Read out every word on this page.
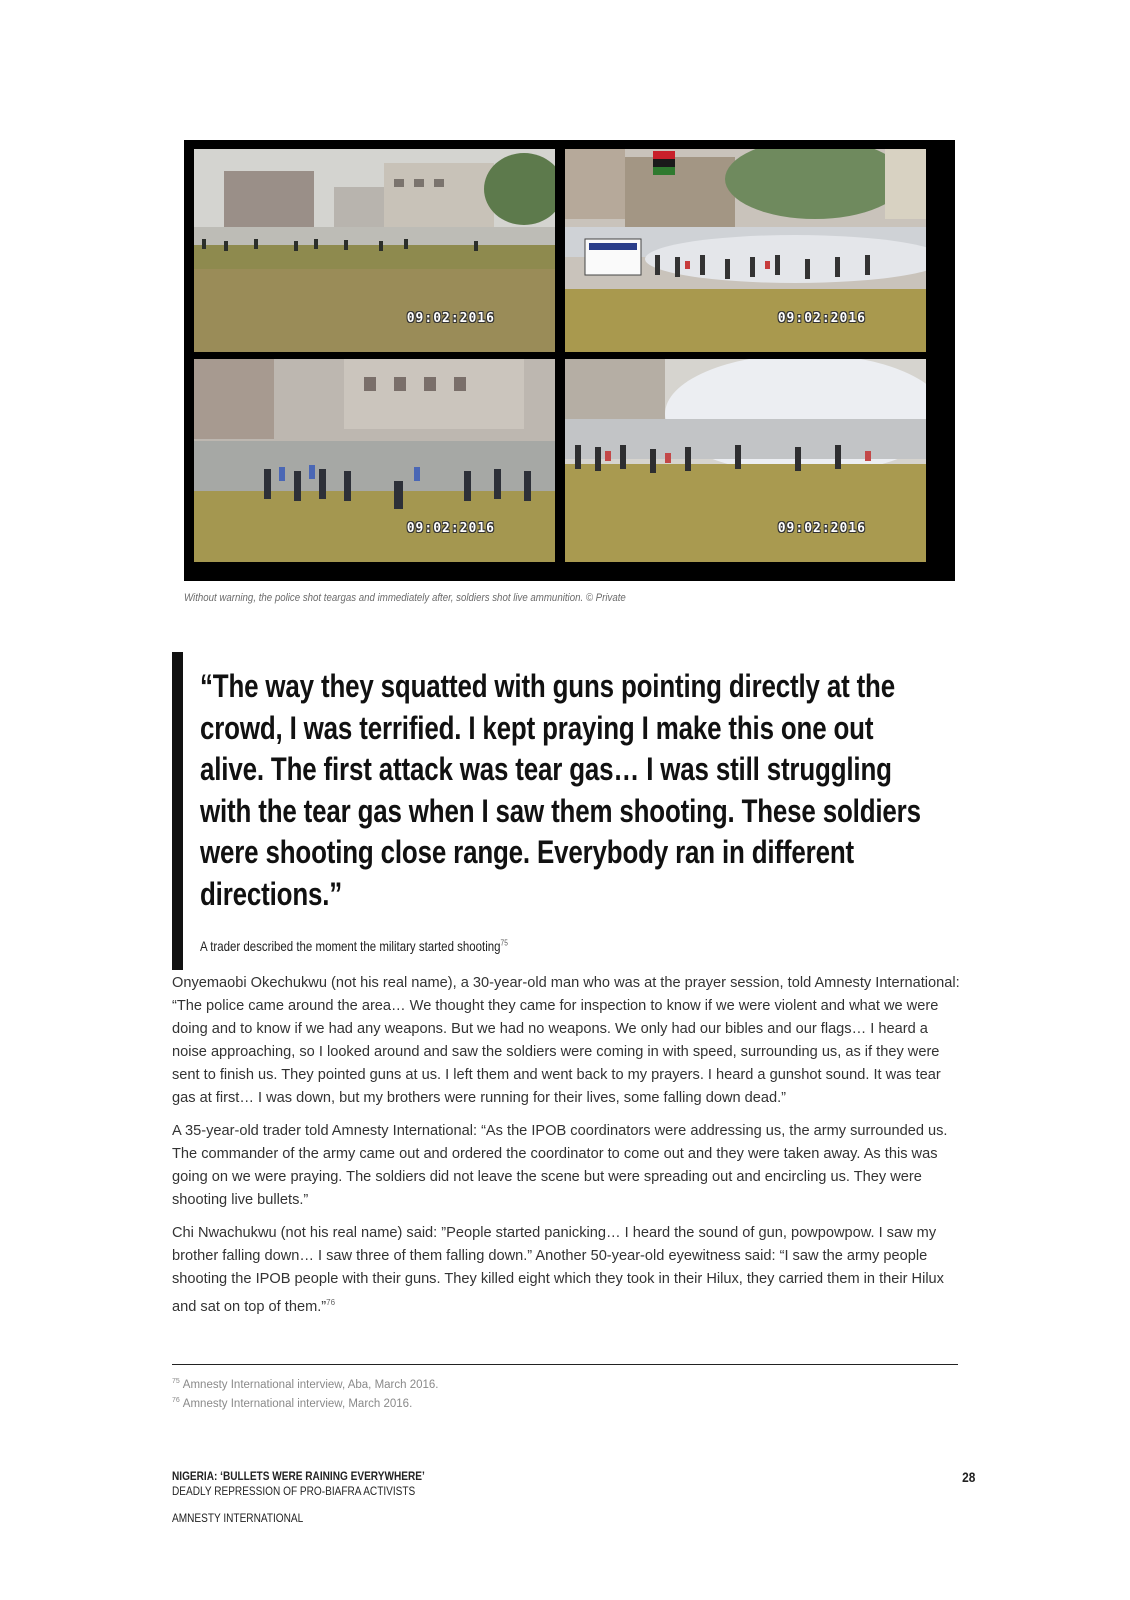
09:02:2016	09:02:2016
09:02:2016	09:02:2016
Without warning, the police shot teargas and immediately after, soldiers shot live ammunition. © Private
“The way they squatted with guns pointing directly at the crowd, I was terrified. I kept praying I make this one out alive. The first attack was tear gas… I was still struggling with the tear gas when I saw them shooting. These soldiers were shooting close range. Everybody ran in different directions.”
A trader described the moment the military started shooting$^{75}$

Onyemaobi Okechukwu (not his real name), a 30-year-old man who was at the prayer session, told Amnesty International: “The police came around the area… We thought they came for inspection to know if we were violent and what we were doing and to know if we had any weapons. But we had no weapons. We only had our bibles and our flags… I heard a noise approaching, so I looked around and saw the soldiers were coming in with speed, surrounding us, as if they were sent to finish us. They pointed guns at us. I left them and went back to my prayers. I heard a gunshot sound. It was tear gas at first… I was down, but my brothers were running for their lives, some falling down dead.”

A 35-year-old trader told Amnesty International: “As the IPOB coordinators were addressing us, the army surrounded us. The commander of the army came out and ordered the coordinator to come out and they were taken away. As this was going on we were praying. The soldiers did not leave the scene but were spreading out and encircling us. They were shooting live bullets.”

Chi Nwachukwu (not his real name) said: ”People started panicking… I heard the sound of gun, powpowpow. I saw my brother falling down… I saw three of them falling down.” Another 50-year-old eyewitness said: “I saw the army people shooting the IPOB people with their guns. They killed eight which they took in their Hilux, they carried them in their Hilux and sat on top of them.”$^{76}$

$^{75}$ Amnesty International interview, Aba, March 2016.
$^{76}$ Amnesty International interview, March 2016.
NIGERIA: ‘BULLETS WERE RAINING EVERYWHERE’
DEADLY REPRESSION OF PRO-BIAFRA ACTIVISTS
AMNESTY INTERNATIONAL
28
